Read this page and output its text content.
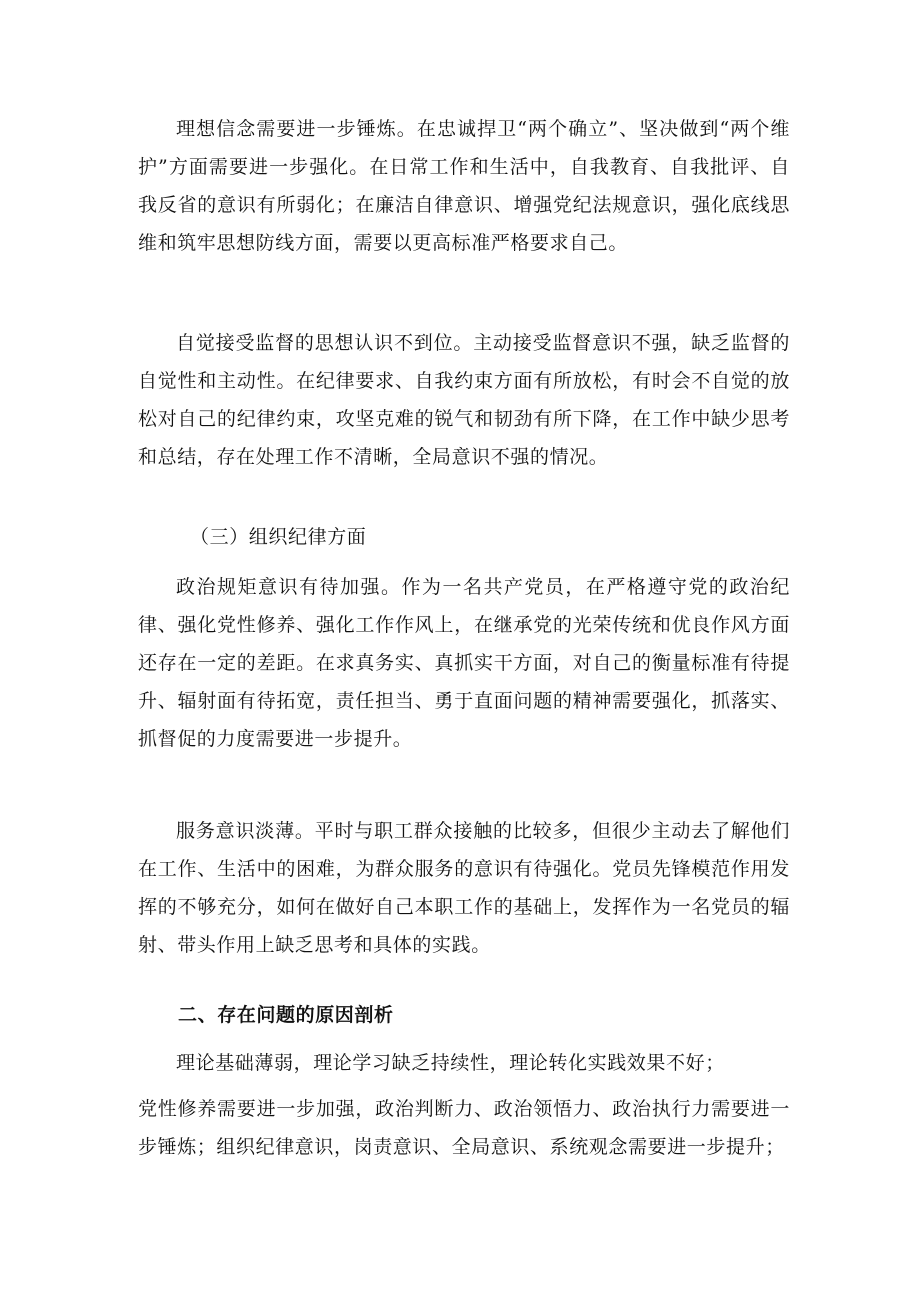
理想信念需要进一步锤炼。在忠诚捍卫“两个确立”、坚决做到“两个维护”方面需要进一步强化。在日常工作和生活中，自我教育、自我批评、自我反省的意识有所弱化；在廉洁自律意识、增强党纪法规意识，强化底线思维和筑牢思想防线方面，需要以更高标准严格要求自己。

自觉接受监督的思想认识不到位。主动接受监督意识不强，缺乏监督的自觉性和主动性。在纪律要求、自我约束方面有所放松，有时会不自觉的放松对自己的纪律约束，攻坚克难的锐气和韧劲有所下降，在工作中缺少思考和总结，存在处理工作不清晰，全局意识不强的情况。

（三）组织纪律方面

政治规矩意识有待加强。作为一名共产党员，在严格遵守党的政治纪律、强化党性修养、强化工作作风上，在继承党的光荣传统和优良作风方面还存在一定的差距。在求真务实、真抓实干方面，对自己的衡量标准有待提升、辐射面有待拓宽，责任担当、勇于直面问题的精神需要强化，抓落实、抓督促的力度需要进一步提升。

服务意识淡薄。平时与职工群众接触的比较多，但很少主动去了解他们在工作、生活中的困难，为群众服务的意识有待强化。党员先锋模范作用发挥的不够充分，如何在做好自己本职工作的基础上，发挥作为一名党员的辐射、带头作用上缺乏思考和具体的实践。

二、存在问题的原因剖析

理论基础薄弱，理论学习缺乏持续性，理论转化实践效果不好；

党性修养需要进一步加强，政治判断力、政治领悟力、政治执行力需要进一步锤炼；组织纪律意识，岗责意识、全局意识、系统观念需要进一步提升；
